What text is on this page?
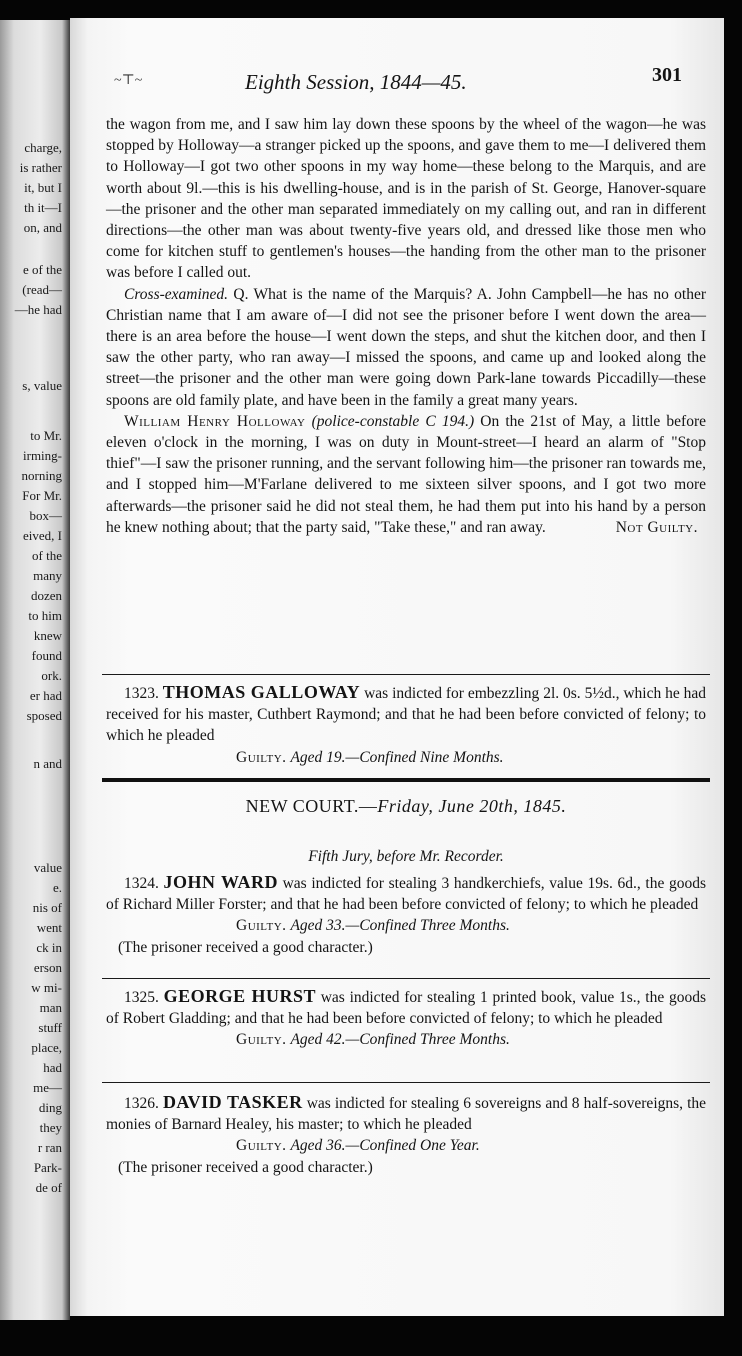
charge,
is rather
it, but I
th it—I
on, and
e of the
(read—
—he had
s, value
to Mr.
irming-
norning
For Mr.
box—
eived, I
of the
many
dozen
to him
knew
found
ork.
er had
sposed
n and
value
e.
nis of
went
ck in
erson
w mi-
man
stuff
place,
had
me—
ding
they
r ran
Park-
de of
~⊤~	Eighth Session, 1844—45.	301
the wagon from me, and I saw him lay down these spoons by the wheel of the wagon—he was stopped by Holloway—a stranger picked up the spoons, and gave them to me—I delivered them to Holloway—I got two other spoons in my way home—these belong to the Marquis, and are worth about 9l.—this is his dwelling-house, and is in the parish of St. George, Hanover-square—the prisoner and the other man separated immediately on my calling out, and ran in different directions—the other man was about twenty-five years old, and dressed like those men who come for kitchen stuff to gentlemen's houses—the handing from the other man to the prisoner was before I called out.
Cross-examined. Q. What is the name of the Marquis? A. John Campbell—he has no other Christian name that I am aware of—I did not see the prisoner before I went down the area—there is an area before the house—I went down the steps, and shut the kitchen door, and then I saw the other party, who ran away—I missed the spoons, and came up and looked along the street—the prisoner and the other man were going down Park-lane towards Piccadilly—these spoons are old family plate, and have been in the family a great many years.
William Henry Holloway (police-constable C 194.) On the 21st of May, a little before eleven o'clock in the morning, I was on duty in Mount-street—I heard an alarm of "Stop thief"—I saw the prisoner running, and the servant following him—the prisoner ran towards me, and I stopped him—M'Farlane delivered to me sixteen silver spoons, and I got two more afterwards—the prisoner said he did not steal them, he had them put into his hand by a person he knew nothing about; that the party said, "Take these," and ran away.	Not Guilty.
1323. THOMAS GALLOWAY was indicted for embezzling 2l. 0s. 5½d., which he had received for his master, Cuthbert Raymond; and that he had been before convicted of felony; to which he pleaded
Guilty. Aged 19.—Confined Nine Months.
NEW COURT.—Friday, June 20th, 1845.
Fifth Jury, before Mr. Recorder.
1324. JOHN WARD was indicted for stealing 3 handkerchiefs, value 19s. 6d., the goods of Richard Miller Forster; and that he had been before convicted of felony; to which he pleaded
Guilty. Aged 33.—Confined Three Months.
(The prisoner received a good character.)
1325. GEORGE HURST was indicted for stealing 1 printed book, value 1s., the goods of Robert Gladding; and that he had been before convicted of felony; to which he pleaded
Guilty. Aged 42.—Confined Three Months.
1326. DAVID TASKER was indicted for stealing 6 sovereigns and 8 half-sovereigns, the monies of Barnard Healey, his master; to which he pleaded
Guilty. Aged 36.—Confined One Year.
(The prisoner received a good character.)
